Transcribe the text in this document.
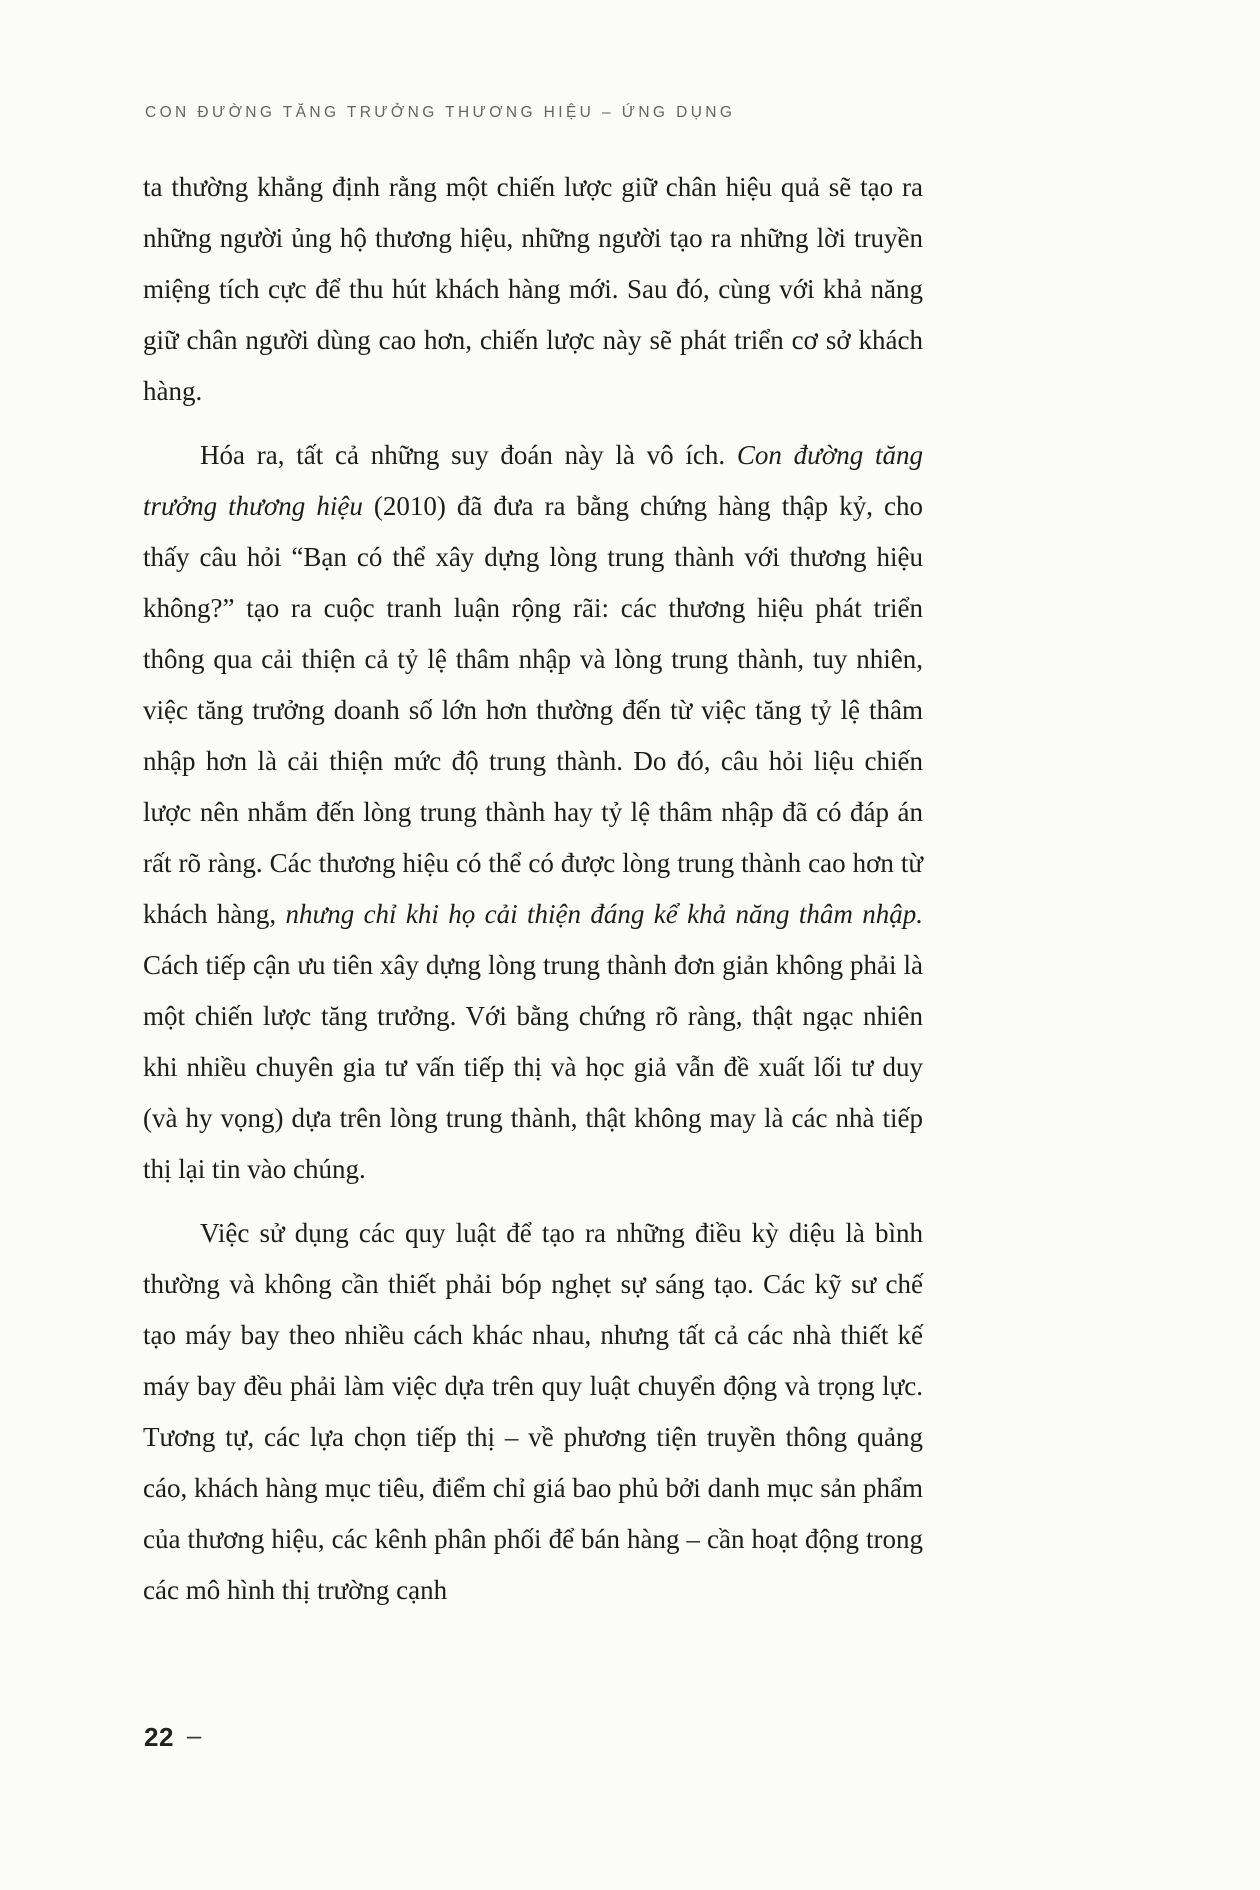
CON ĐƯỜNG TĂNG TRƯỞNG THƯƠNG HIỆU – ỨNG DỤNG

ta thường khẳng định rằng một chiến lược giữ chân hiệu quả sẽ tạo ra những người ủng hộ thương hiệu, những người tạo ra những lời truyền miệng tích cực để thu hút khách hàng mới. Sau đó, cùng với khả năng giữ chân người dùng cao hơn, chiến lược này sẽ phát triển cơ sở khách hàng.

Hóa ra, tất cả những suy đoán này là vô ích. Con đường tăng trưởng thương hiệu (2010) đã đưa ra bằng chứng hàng thập kỷ, cho thấy câu hỏi “Bạn có thể xây dựng lòng trung thành với thương hiệu không?” tạo ra cuộc tranh luận rộng rãi: các thương hiệu phát triển thông qua cải thiện cả tỷ lệ thâm nhập và lòng trung thành, tuy nhiên, việc tăng trưởng doanh số lớn hơn thường đến từ việc tăng tỷ lệ thâm nhập hơn là cải thiện mức độ trung thành. Do đó, câu hỏi liệu chiến lược nên nhắm đến lòng trung thành hay tỷ lệ thâm nhập đã có đáp án rất rõ ràng. Các thương hiệu có thể có được lòng trung thành cao hơn từ khách hàng, nhưng chỉ khi họ cải thiện đáng kể khả năng thâm nhập. Cách tiếp cận ưu tiên xây dựng lòng trung thành đơn giản không phải là một chiến lược tăng trưởng. Với bằng chứng rõ ràng, thật ngạc nhiên khi nhiều chuyên gia tư vấn tiếp thị và học giả vẫn đề xuất lối tư duy (và hy vọng) dựa trên lòng trung thành, thật không may là các nhà tiếp thị lại tin vào chúng.

Việc sử dụng các quy luật để tạo ra những điều kỳ diệu là bình thường và không cần thiết phải bóp nghẹt sự sáng tạo. Các kỹ sư chế tạo máy bay theo nhiều cách khác nhau, nhưng tất cả các nhà thiết kế máy bay đều phải làm việc dựa trên quy luật chuyển động và trọng lực. Tương tự, các lựa chọn tiếp thị – về phương tiện truyền thông quảng cáo, khách hàng mục tiêu, điểm chỉ giá bao phủ bởi danh mục sản phẩm của thương hiệu, các kênh phân phối để bán hàng – cần hoạt động trong các mô hình thị trường cạnh

22 –
